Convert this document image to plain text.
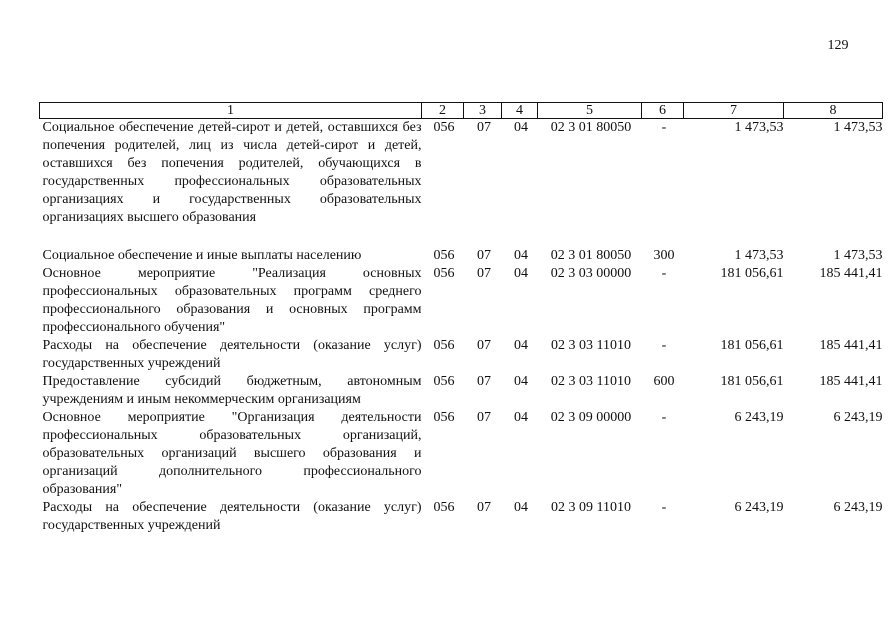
129
1	2	3	4	5	6	7	8
Социальное обеспечение детей-сирот и детей, оставшихся без попечения родителей, лиц из числа детей-сирот и детей, оставшихся без попечения родителей, обучающихся в государственных профессиональных образовательных организациях и государственных образовательных организациях высшего образования	056	07	04	02 3 01 80050	-	1 473,53	1 473,53

Социальное обеспечение и иные выплаты населению	056	07	04	02 3 01 80050	300	1 473,53	1 473,53
Основное мероприятие "Реализация основных профессиональных образовательных программ среднего профессионального образования и основных программ профессионального обучения"	056	07	04	02 3 03 00000	-	181 056,61	185 441,41
Расходы на обеспечение деятельности (оказание услуг) государственных учреждений	056	07	04	02 3 03 11010	-	181 056,61	185 441,41
Предоставление субсидий бюджетным, автономным учреждениям и иным некоммерческим организациям	056	07	04	02 3 03 11010	600	181 056,61	185 441,41
Основное мероприятие "Организация деятельности профессиональных образовательных организаций, образовательных организаций высшего образования и организаций дополнительного профессионального образования"	056	07	04	02 3 09 00000	-	6 243,19	6 243,19
Расходы на обеспечение деятельности (оказание услуг) государственных учреждений	056	07	04	02 3 09 11010	-	6 243,19	6 243,19
